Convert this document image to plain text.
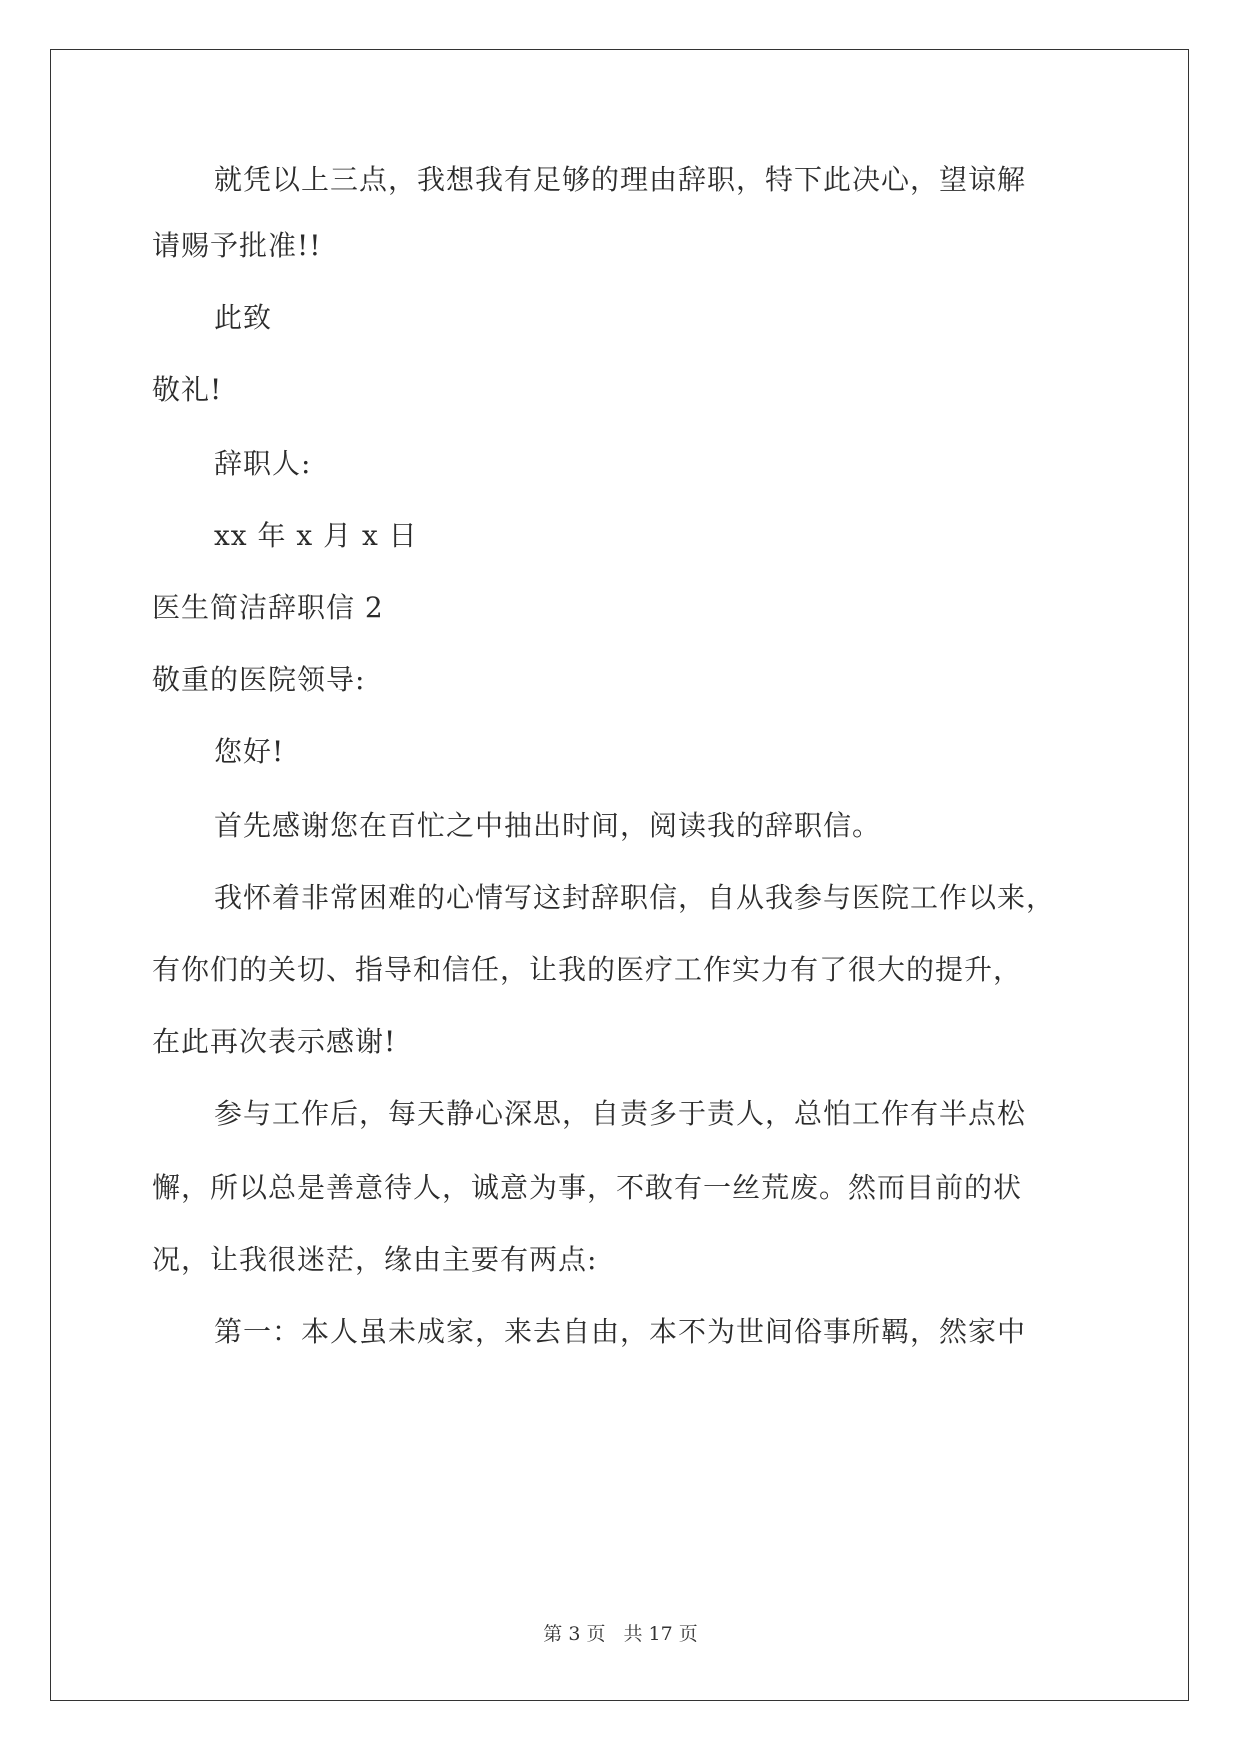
就凭以上三点，我想我有足够的理由辞职，特下此决心，望谅解
请赐予批准!!
此致
敬礼!
辞职人:
xx 年 x 月 x 日
医生简洁辞职信 2
敬重的医院领导:
您好!
首先感谢您在百忙之中抽出时间，阅读我的辞职信。
我怀着非常困难的心情写这封辞职信，自从我参与医院工作以来，
有你们的关切、指导和信任，让我的医疗工作实力有了很大的提升，
在此再次表示感谢!
参与工作后，每天静心深思，自责多于责人，总怕工作有半点松
懈，所以总是善意待人，诚意为事，不敢有一丝荒废。然而目前的状
况，让我很迷茫，缘由主要有两点:
第一：本人虽未成家，来去自由，本不为世间俗事所羁，然家中
第 3 页 共 17 页
